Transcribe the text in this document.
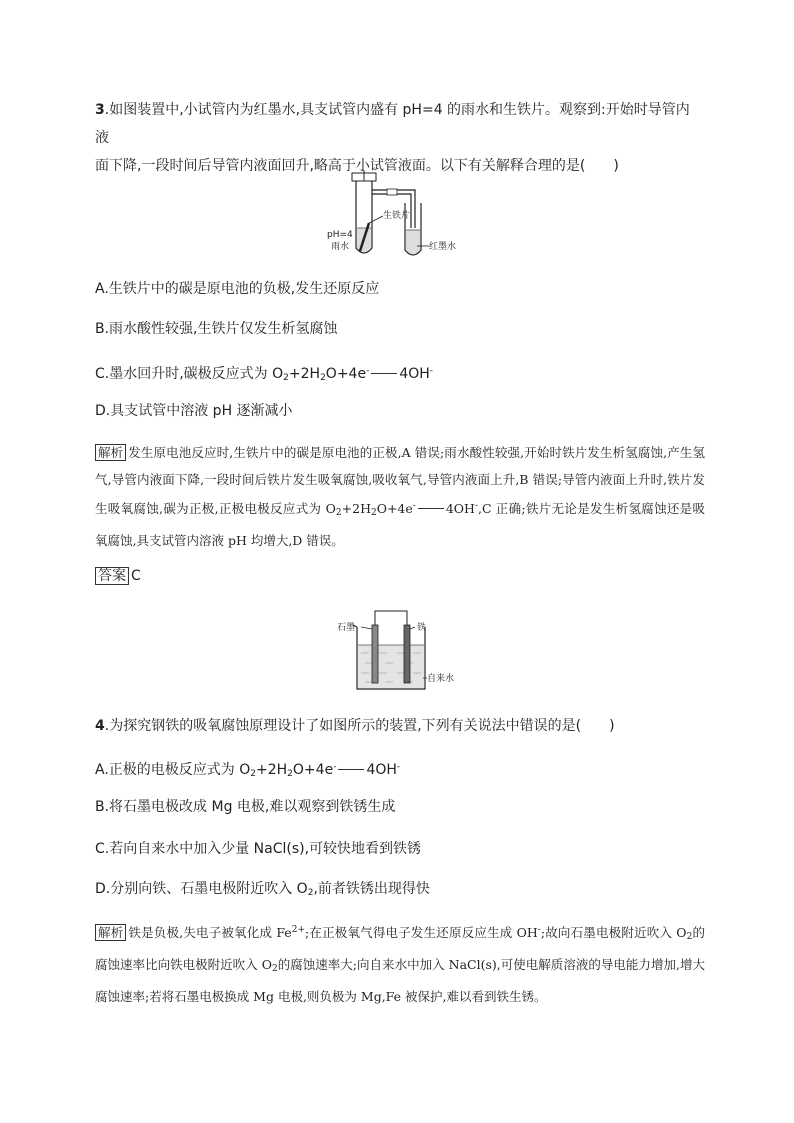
3.如图装置中,小试管内为红墨水,具支试管内盛有 pH=4 的雨水和生铁片。观察到:开始时导管内液
面下降,一段时间后导管内液面回升,略高于小试管液面。以下有关解释合理的是(　　)
生铁片
pH=4
雨水	红墨水
A.生铁片中的碳是原电池的负极,发生还原反应
B.雨水酸性较强,生铁片仅发生析氢腐蚀
C.墨水回升时,碳极反应式为 $O_2+2H_2O+4e^-$ 4OH-
D.具支试管中溶液 pH 逐渐减小
解析 发生原电池反应时,生铁片中的碳是原电池的正极,A 错误;雨水酸性较强,开始时铁片发生析氢腐蚀,产生氢气,导管内液面下降,一段时间后铁片发生吸氧腐蚀,吸收氧气,导管内液面上升,B 错误;导管内液面上升时,铁片发生吸氧腐蚀,碳为正极,正极电极反应式为 $O_2+2H_2O+4e^-$ 4OH-,C 正确;铁片无论是发生析氢腐蚀还是吸氧腐蚀,具支试管内溶液 pH 均增大,D 错误。
答案 C
石墨	铁
自来水
4.为探究钢铁的吸氧腐蚀原理设计了如图所示的装置,下列有关说法中错误的是(　　)
A.正极的电极反应式为 $O_2+2H_2O+4e^-$ 4OH-
B.将石墨电极改成 Mg 电极,难以观察到铁锈生成
C.若向自来水中加入少量 NaCl(s),可较快地看到铁锈
D.分别向铁、石墨电极附近吹入 $O_2$,前者铁锈出现得快
解析 铁是负极,失电子被氧化成 $Fe^{2+}$;在正极氧气得电子发生还原反应生成 OH-;故向石墨电极附近吹入 $O_2$的腐蚀速率比向铁电极附近吹入 $O_2$的腐蚀速率大;向自来水中加入 NaCl(s),可使电解质溶液的导电能力增加,增大腐蚀速率;若将石墨电极换成 Mg 电极,则负极为 Mg,Fe 被保护,难以看到铁生锈。
